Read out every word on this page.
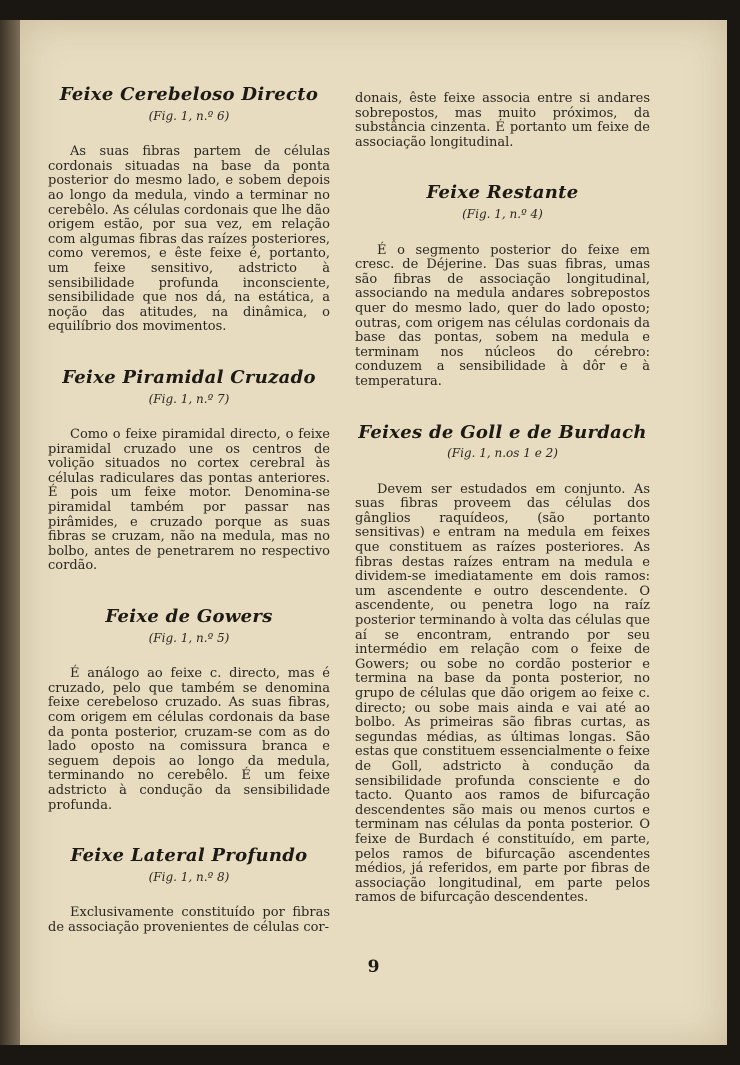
Feixe Cerebeloso Directo
(Fig. 1, n.º 6)

As suas fibras partem de células cordonais situadas na base da ponta posterior do mesmo lado, e sobem depois ao longo da medula, vindo a terminar no cerebêlo. As células cordonais que lhe dão origem estão, por sua vez, em relação com algumas fibras das raízes posteriores, como veremos, e êste feixe é, portanto, um feixe sensitivo, adstricto à sensibilidade profunda inconsciente, sensibilidade que nos dá, na estática, a noção das atitudes, na dinâmica, o equilíbrio dos movimentos.

Feixe Piramidal Cruzado
(Fig. 1, n.º 7)

Como o feixe piramidal directo, o feixe piramidal cruzado une os centros de volição situados no cortex cerebral às células radiculares das pontas anteriores. É pois um feixe motor. Denomina-se piramidal também por passar nas pirâmides, e cruzado porque as suas fibras se cruzam, não na medula, mas no bolbo, antes de penetrarem no respectivo cordão.

Feixe de Gowers
(Fig. 1, n.º 5)

É análogo ao feixe c. directo, mas é cruzado, pelo que também se denomina feixe cerebeloso cruzado. As suas fibras, com origem em células cordonais da base da ponta posterior, cruzam-se com as do lado oposto na comissura branca e seguem depois ao longo da medula, terminando no cerebêlo. É um feixe adstricto à condução da sensibilidade profunda.

Feixe Lateral Profundo
(Fig. 1, n.º 8)

Exclusivamente constituído por fibras de associação provenientes de células cor-

donais, êste feixe associa entre si andares sobrepostos, mas muito próximos, da substância cinzenta. É portanto um feixe de associação longitudinal.

Feixe Restante
(Fig. 1, n.º 4)

É o segmento posterior do feixe em cresc. de Déjerine. Das suas fibras, umas são fibras de associação longitudinal, associando na medula andares sobrepostos quer do mesmo lado, quer do lado oposto; outras, com origem nas células cordonais da base das pontas, sobem na medula e terminam nos núcleos do cérebro: conduzem a sensibilidade à dôr e à temperatura.

Feixes de Goll e de Burdach
(Fig. 1, n.os 1 e 2)

Devem ser estudados em conjunto. As suas fibras proveem das células dos gânglios raquídeos, (são portanto sensitivas) e entram na medula em feixes que constituem as raízes posteriores. As fibras destas raízes entram na medula e dividem-se imediatamente em dois ramos: um ascendente e outro descendente. O ascendente, ou penetra logo na raíz posterior terminando à volta das células que aí se encontram, entrando por seu intermédio em relação com o feixe de Gowers; ou sobe no cordão posterior e termina na base da ponta posterior, no grupo de células que dão origem ao feixe c. directo; ou sobe mais ainda e vai até ao bolbo. As primeiras são fibras curtas, as segundas médias, as últimas longas. São estas que constituem essencialmente o feixe de Goll, adstricto à condução da sensibilidade profunda consciente e do tacto. Quanto aos ramos de bifurcação descendentes são mais ou menos curtos e terminam nas células da ponta posterior. O feixe de Burdach é constituído, em parte, pelos ramos de bifurcação ascendentes médios, já referidos, em parte por fibras de associação longitudinal, em parte pelos ramos de bifurcação descendentes.

9
